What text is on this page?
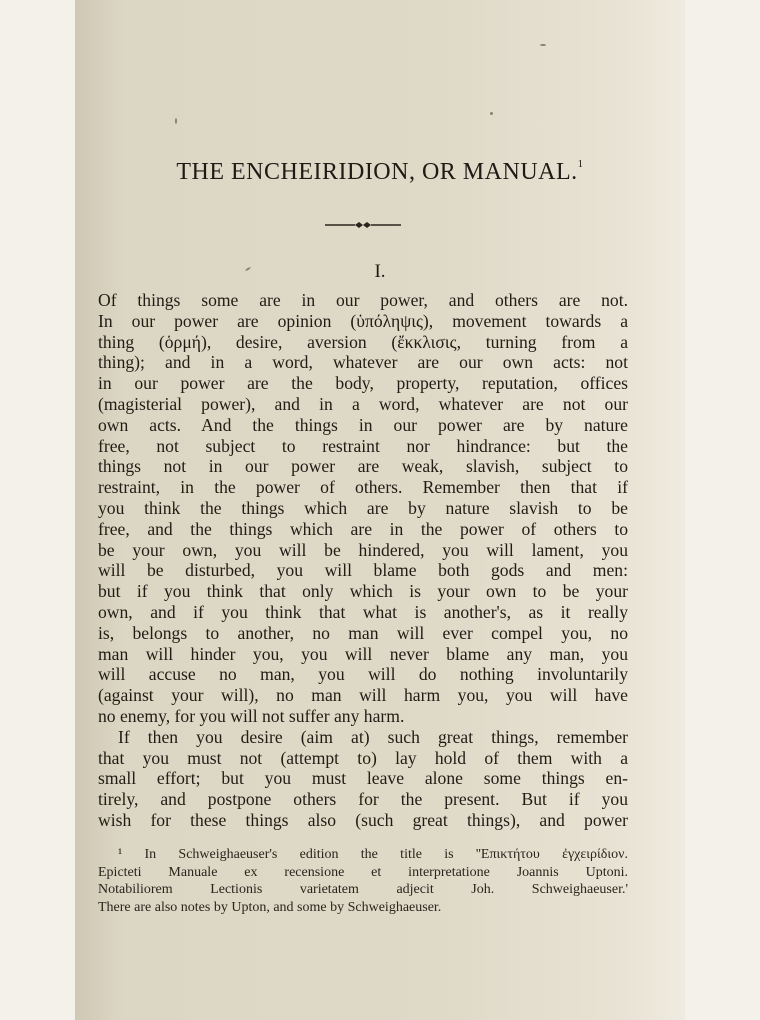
THE ENCHEIRIDION, OR MANUAL.$^1$
I.
Of things some are in our power, and others are not.
In our power are opinion (ὑπόληψις), movement towards a
thing (ὁρμή), desire, aversion (ἔκκλισις, turning from a
thing); and in a word, whatever are our own acts: not
in our power are the body, property, reputation, offices
(magisterial power), and in a word, whatever are not our
own acts. And the things in our power are by nature
free, not subject to restraint nor hindrance: but the
things not in our power are weak, slavish, subject to
restraint, in the power of others. Remember then that if
you think the things which are by nature slavish to be
free, and the things which are in the power of others to
be your own, you will be hindered, you will lament, you
will be disturbed, you will blame both gods and men:
but if you think that only which is your own to be your
own, and if you think that what is another's, as it really
is, belongs to another, no man will ever compel you, no
man will hinder you, you will never blame any man, you
will accuse no man, you will do nothing involuntarily
(against your will), no man will harm you, you will have
no enemy, for you will not suffer any harm.
If then you desire (aim at) such great things, remember
that you must not (attempt to) lay hold of them with a
small effort; but you must leave alone some things en-
tirely, and postpone others for the present. But if you
wish for these things also (such great things), and power
¹ In Schweighaeuser's edition the title is ''Επικτήτου ἐγχειρίδιον.
Epicteti Manuale ex recensione et interpretatione Joannis Uptoni.
Notabiliorem Lectionis varietatem adjecit Joh. Schweighaeuser.'
There are also notes by Upton, and some by Schweighaeuser.
